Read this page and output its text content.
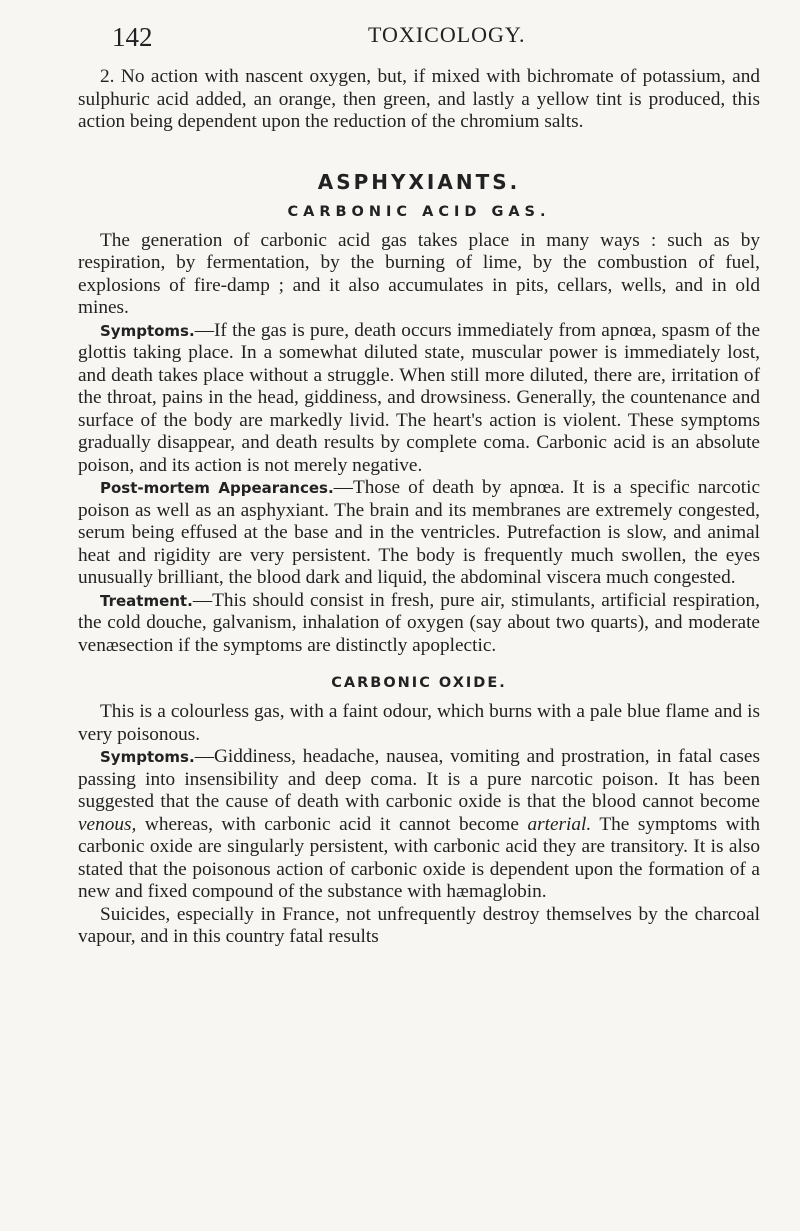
142	TOXICOLOGY.

2. No action with nascent oxygen, but, if mixed with bichromate of potassium, and sulphuric acid added, an orange, then green, and lastly a yellow tint is produced, this action being dependent upon the reduction of the chromium salts.

ASPHYXIANTS.
CARBONIC ACID GAS.

The generation of carbonic acid gas takes place in many ways : such as by respiration, by fermentation, by the burning of lime, by the combustion of fuel, explosions of fire-damp ; and it also accumulates in pits, cellars, wells, and in old mines.

Symptoms.—If the gas is pure, death occurs immediately from apnœa, spasm of the glottis taking place. In a somewhat diluted state, muscular power is immediately lost, and death takes place without a struggle. When still more diluted, there are, irritation of the throat, pains in the head, giddiness, and drowsiness. Generally, the countenance and surface of the body are markedly livid. The heart's action is violent. These symptoms gradually disappear, and death results by complete coma. Carbonic acid is an absolute poison, and its action is not merely negative.

Post-mortem Appearances.—Those of death by apnœa. It is a specific narcotic poison as well as an asphyxiant. The brain and its membranes are extremely congested, serum being effused at the base and in the ventricles. Putrefaction is slow, and animal heat and rigidity are very persistent. The body is frequently much swollen, the eyes unusually brilliant, the blood dark and liquid, the abdominal viscera much congested.

Treatment.—This should consist in fresh, pure air, stimulants, artificial respiration, the cold douche, galvanism, inhalation of oxygen (say about two quarts), and moderate venæsection if the symptoms are distinctly apoplectic.

CARBONIC OXIDE.

This is a colourless gas, with a faint odour, which burns with a pale blue flame and is very poisonous.

Symptoms.—Giddiness, headache, nausea, vomiting and prostration, in fatal cases passing into insensibility and deep coma. It is a pure narcotic poison. It has been suggested that the cause of death with carbonic oxide is that the blood cannot become venous, whereas, with carbonic acid it cannot become arterial. The symptoms with carbonic oxide are singularly persistent, with carbonic acid they are transitory. It is also stated that the poisonous action of carbonic oxide is dependent upon the formation of a new and fixed compound of the substance with hæmaglobin.

Suicides, especially in France, not unfrequently destroy themselves by the charcoal vapour, and in this country fatal results
